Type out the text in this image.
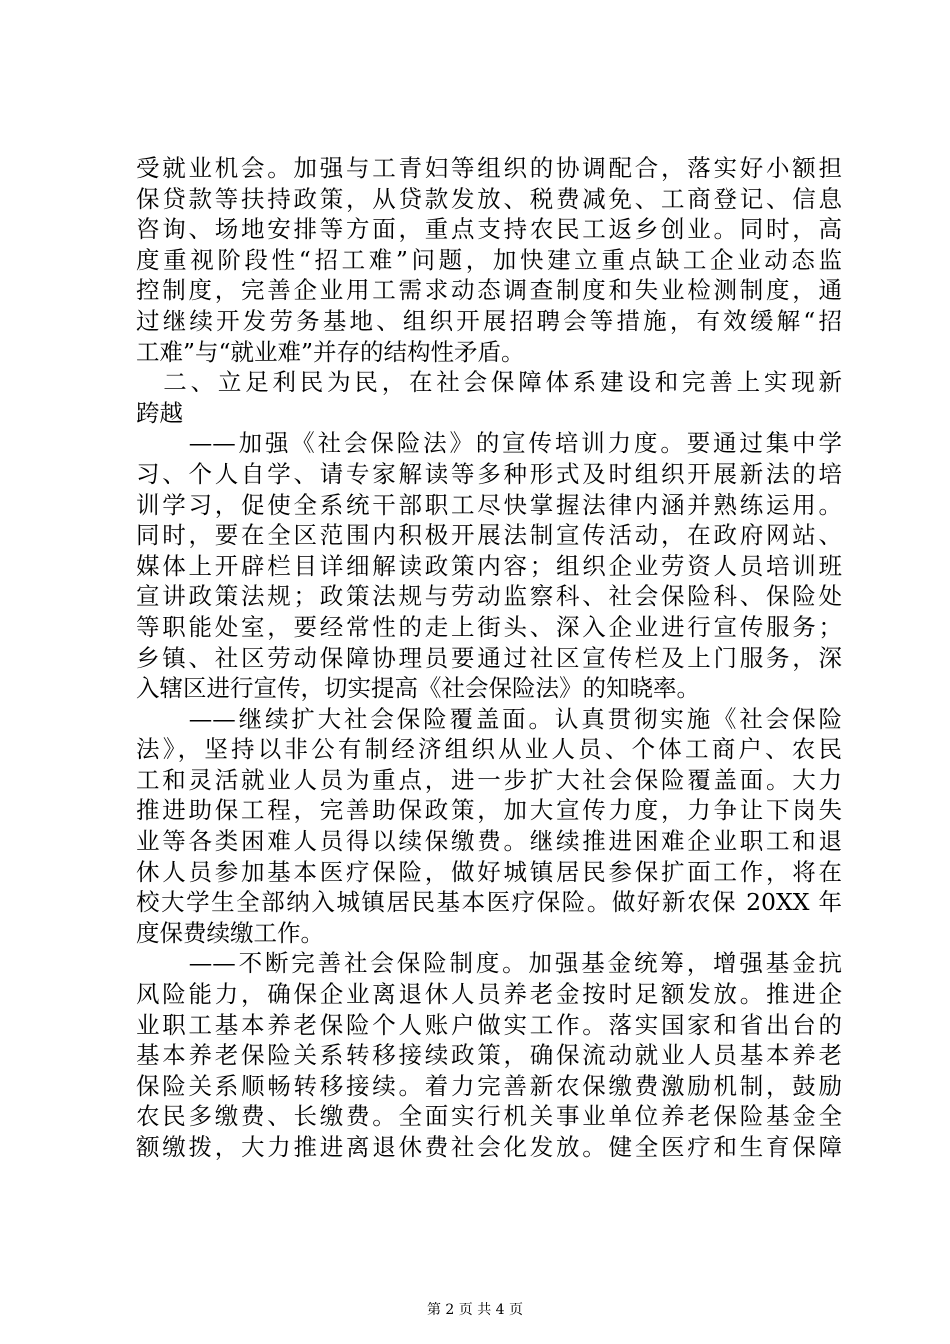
受就业机会。加强与工青妇等组织的协调配合，落实好小额担
保贷款等扶持政策，从贷款发放、税费减免、工商登记、信息
咨询、场地安排等方面，重点支持农民工返乡创业。同时，高
度重视阶段性“招工难”问题，加快建立重点缺工企业动态监
控制度，完善企业用工需求动态调查制度和失业检测制度，通
过继续开发劳务基地、组织开展招聘会等措施，有效缓解“招
工难”与“就业难”并存的结构性矛盾。
　二、立足利民为民，在社会保障体系建设和完善上实现新
跨越
　　——加强《社会保险法》的宣传培训力度。要通过集中学
习、个人自学、请专家解读等多种形式及时组织开展新法的培
训学习，促使全系统干部职工尽快掌握法律内涵并熟练运用。
同时，要在全区范围内积极开展法制宣传活动，在政府网站、
媒体上开辟栏目详细解读政策内容；组织企业劳资人员培训班
宣讲政策法规；政策法规与劳动监察科、社会保险科、保险处
等职能处室，要经常性的走上街头、深入企业进行宣传服务；
乡镇、社区劳动保障协理员要通过社区宣传栏及上门服务，深
入辖区进行宣传，切实提高《社会保险法》的知晓率。
　　——继续扩大社会保险覆盖面。认真贯彻实施《社会保险
法》，坚持以非公有制经济组织从业人员、个体工商户、农民
工和灵活就业人员为重点，进一步扩大社会保险覆盖面。大力
推进助保工程，完善助保政策，加大宣传力度，力争让下岗失
业等各类困难人员得以续保缴费。继续推进困难企业职工和退
休人员参加基本医疗保险，做好城镇居民参保扩面工作，将在
校大学生全部纳入城镇居民基本医疗保险。做好新农保 20XX 年
度保费续缴工作。
　　——不断完善社会保险制度。加强基金统筹，增强基金抗
风险能力，确保企业离退休人员养老金按时足额发放。推进企
业职工基本养老保险个人账户做实工作。落实国家和省出台的
基本养老保险关系转移接续政策，确保流动就业人员基本养老
保险关系顺畅转移接续。着力完善新农保缴费激励机制，鼓励
农民多缴费、长缴费。全面实行机关事业单位养老保险基金全
额缴拨，大力推进离退休费社会化发放。健全医疗和生育保障
第 2 页 共 4 页
